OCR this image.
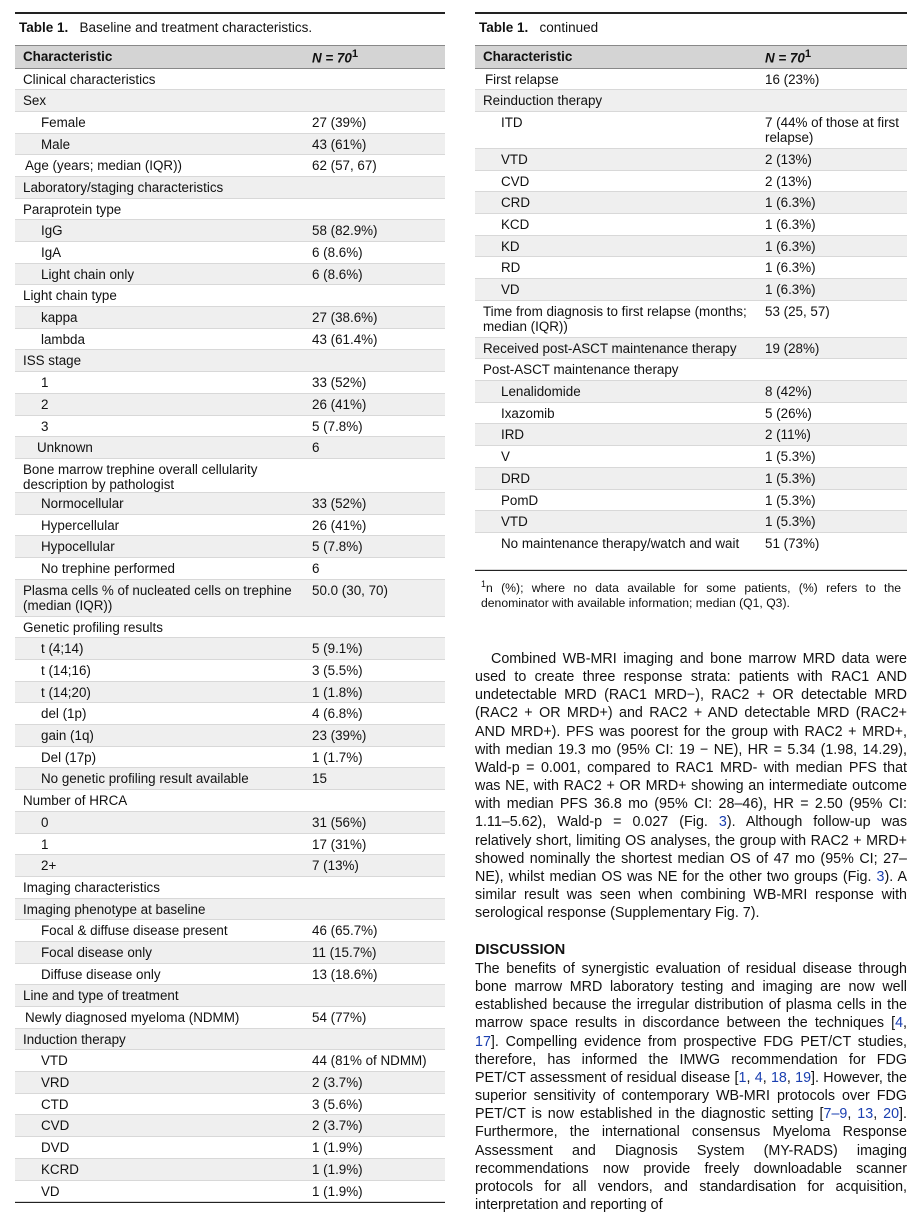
Table 1. Baseline and treatment characteristics.
Characteristic	$N = 70^1$
Clinical characteristics	
Sex	
Female	27 (39%)
Male	43 (61%)
Age (years; median (IQR))	62 (57, 67)
Laboratory/staging characteristics	
Paraprotein type	
IgG	58 (82.9%)
IgA	6 (8.6%)
Light chain only	6 (8.6%)
Light chain type	
kappa	27 (38.6%)
lambda	43 (61.4%)
ISS stage	
1	33 (52%)
2	26 (41%)
3	5 (7.8%)
Unknown	6
Bone marrow trephine overall cellularity description by pathologist	
Normocellular	33 (52%)
Hypercellular	26 (41%)
Hypocellular	5 (7.8%)
No trephine performed	6
Plasma cells % of nucleated cells on trephine (median (IQR))	50.0 (30, 70)
Genetic profiling results	
t (4;14)	5 (9.1%)
t (14;16)	3 (5.5%)
t (14;20)	1 (1.8%)
del (1p)	4 (6.8%)
gain (1q)	23 (39%)
Del (17p)	1 (1.7%)
No genetic profiling result available	15
Number of HRCA	
0	31 (56%)
1	17 (31%)
2+	7 (13%)
Imaging characteristics	
Imaging phenotype at baseline	
Focal & diffuse disease present	46 (65.7%)
Focal disease only	11 (15.7%)
Diffuse disease only	13 (18.6%)
Line and type of treatment	
Newly diagnosed myeloma (NDMM)	54 (77%)
Induction therapy	
VTD	44 (81% of NDMM)
VRD	2 (3.7%)
CTD	3 (5.6%)
CVD	2 (3.7%)
DVD	1 (1.9%)
KCRD	1 (1.9%)
VD	1 (1.9%)
Table 1. continued
Characteristic	$N = 70^1$
First relapse	16 (23%)
Reinduction therapy	
ITD	7 (44% of those at first relapse)
VTD	2 (13%)
CVD	2 (13%)
CRD	1 (6.3%)
KCD	1 (6.3%)
KD	1 (6.3%)
RD	1 (6.3%)
VD	1 (6.3%)
Time from diagnosis to first relapse (months; median (IQR))	53 (25, 57)
Received post-ASCT maintenance therapy	19 (28%)
Post-ASCT maintenance therapy	
Lenalidomide	8 (42%)
Ixazomib	5 (26%)
IRD	2 (11%)
V	1 (5.3%)
DRD	1 (5.3%)
PomD	1 (5.3%)
VTD	1 (5.3%)
No maintenance therapy/watch and wait	51 (73%)
$^1$n (%); where no data available for some patients, (%) refers to the denominator with available information; median (Q1, Q3).
Combined WB-MRI imaging and bone marrow MRD data were used to create three response strata: patients with RAC1 AND undetectable MRD (RAC1 MRD−), RAC2 + OR detectable MRD (RAC2 + OR MRD+) and RAC2 + AND detectable MRD (RAC2+ AND MRD+). PFS was poorest for the group with RAC2 + MRD+, with median 19.3 mo (95% CI: 19 − NE), HR = 5.34 (1.98, 14.29), Wald-p = 0.001, compared to RAC1 MRD- with median PFS that was NE, with RAC2 + OR MRD+ showing an intermediate outcome with median PFS 36.8 mo (95% CI: 28–46), HR = 2.50 (95% CI: 1.11–5.62), Wald-p = 0.027 (Fig. 3). Although follow-up was relatively short, limiting OS analyses, the group with RAC2 + MRD+ showed nominally the shortest median OS of 47 mo (95% CI; 27–NE), whilst median OS was NE for the other two groups (Fig. 3). A similar result was seen when combining WB-MRI response with serological response (Supplementary Fig. 7).
DISCUSSION
The benefits of synergistic evaluation of residual disease through bone marrow MRD laboratory testing and imaging are now well established because the irregular distribution of plasma cells in the marrow space results in discordance between the techniques [4, 17]. Compelling evidence from prospective FDG PET/CT studies, therefore, has informed the IMWG recommendation for FDG PET/CT assessment of residual disease [1, 4, 18, 19]. However, the superior sensitivity of contemporary WB-MRI protocols over FDG PET/CT is now established in the diagnostic setting [7–9, 13, 20]. Furthermore, the international consensus Myeloma Response Assessment and Diagnosis System (MY-RADS) imaging recommendations now provide freely downloadable scanner protocols for all vendors, and standardisation for acquisition, interpretation and reporting of
